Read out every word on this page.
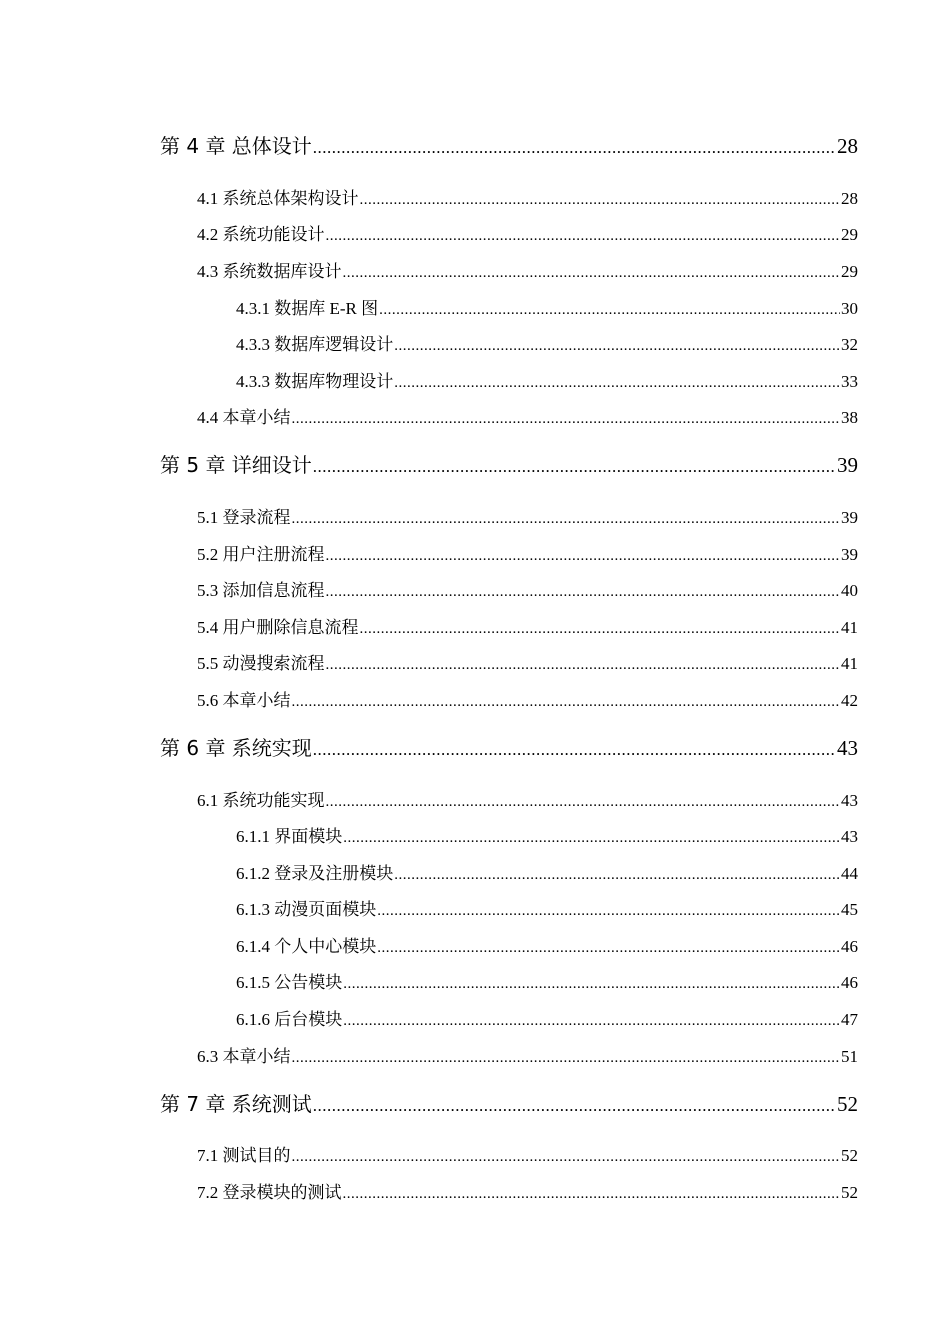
第 4 章 总体设计 .....	28
4.1 系统总体架构设计 .....	28
4.2 系统功能设计 .....	29
4.3 系统数据库设计 .....	29
4.3.1 数据库 E-R 图 .....	30
4.3.3 数据库逻辑设计 .....	32
4.3.3 数据库物理设计 .....	33
4.4 本章小结 .....	38
第 5 章 详细设计 .....	39
5.1 登录流程 .....	39
5.2 用户注册流程 .....	39
5.3 添加信息流程 .....	40
5.4 用户删除信息流程 .....	41
5.5 动漫搜索流程 .....	41
5.6 本章小结 .....	42
第 6 章 系统实现 .....	43
6.1 系统功能实现 .....	43
6.1.1 界面模块 .....	43
6.1.2 登录及注册模块 .....	44
6.1.3 动漫页面模块 .....	45
6.1.4 个人中心模块 .....	46
6.1.5 公告模块 .....	46
6.1.6 后台模块 .....	47
6.3 本章小结 .....	51
第 7 章 系统测试 .....	52
7.1 测试目的 .....	52
7.2 登录模块的测试 .....	52
